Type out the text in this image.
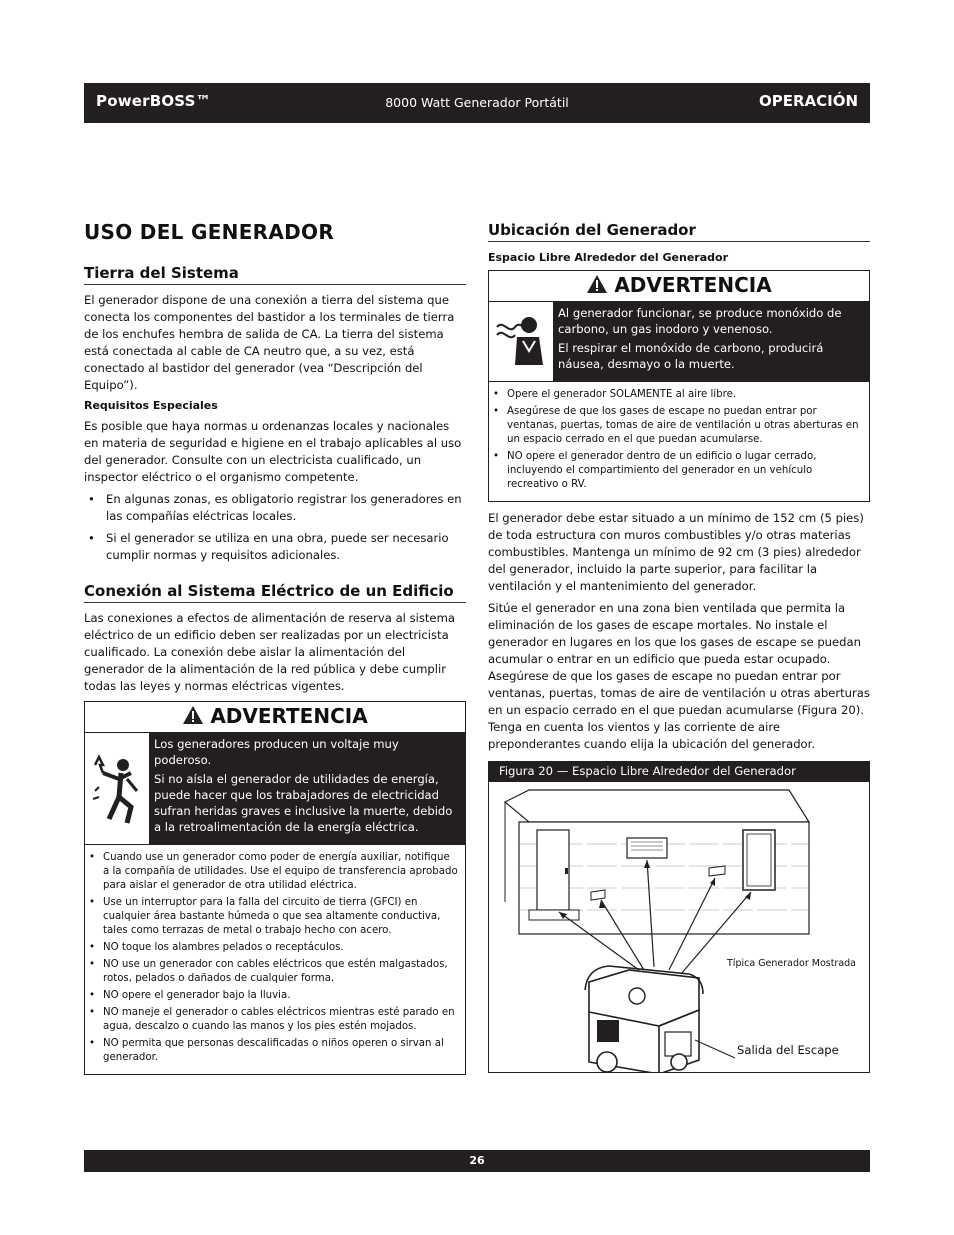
PowerBOSS™	8000 Watt Generador Portátil	OPERACIÓN
USO DEL GENERADOR
Tierra del Sistema

El generador dispone de una conexión a tierra del sistema que conecta los componentes del bastidor a los terminales de tierra de los enchufes hembra de salida de CA. La tierra del sistema está conectada al cable de CA neutro que, a su vez, está conectado al bastidor del generador (vea “Descripción del Equipo”).

Requisitos Especiales

Es posible que haya normas u ordenanzas locales y nacionales en materia de seguridad e higiene en el trabajo aplicables al uso del generador. Consulte con un electricista cualificado, un inspector eléctrico o el organismo competente.

• En algunas zonas, es obligatorio registrar los generadores en las compañías eléctricas locales.
• Si el generador se utiliza en una obra, puede ser necesario cumplir normas y requisitos adicionales.
Conexión al Sistema Eléctrico de un Edificio

Las conexiones a efectos de alimentación de reserva al sistema eléctrico de un edificio deben ser realizadas por un electricista cualificado. La conexión debe aislar la alimentación del generador de la alimentación de la red pública y debe cumplir todas las leyes y normas eléctricas vigentes.

ADVERTENCIA

Los generadores producen un voltaje muy poderoso.

Si no aísla el generador de utilidades de energía, puede hacer que los trabajadores de electricidad sufran heridas graves e inclusive la muerte, debido a la retroalimentación de la energía eléctrica.

• Cuando use un generador como poder de energía auxiliar, notifique a la compañía de utilidades. Use el equipo de transferencia aprobado para aislar el generador de otra utilidad eléctrica.
• Use un interruptor para la falla del circuito de tierra (GFCI) en cualquier área bastante húmeda o que sea altamente conductiva, tales como terrazas de metal o trabajo hecho con acero.
• NO toque los alambres pelados o receptáculos.
• NO use un generador con cables eléctricos que estén malgastados, rotos, pelados o dañados de cualquier forma.
• NO opere el generador bajo la lluvia.
• NO maneje el generador o cables eléctricos mientras esté parado en agua, descalzo o cuando las manos y los pies estén mojados.
• NO permita que personas descalificadas o niños operen o sirvan al generador.
Ubicación del Generador
Espacio Libre Alrededor del Generador
ADVERTENCIA

Al generador funcionar, se produce monóxido de carbono, un gas inodoro y venenoso.

El respirar el monóxido de carbono, producirá náusea, desmayo o la muerte.

• Opere el generador SOLAMENTE al aire libre.
• Asegúrese de que los gases de escape no puedan entrar por ventanas, puertas, tomas de aire de ventilación u otras aberturas en un espacio cerrado en el que puedan acumularse.
• NO opere el generador dentro de un edificio o lugar cerrado, incluyendo el compartimiento del generador en un vehículo recreativo o RV.

El generador debe estar situado a un mínimo de 152 cm (5 pies) de toda estructura con muros combustibles y/o otras materias combustibles. Mantenga un mínimo de 92 cm (3 pies) alrededor del generador, incluido la parte superior, para facilitar la ventilación y el mantenimiento del generador.

Sitúe el generador en una zona bien ventilada que permita la eliminación de los gases de escape mortales. No instale el generador en lugares en los que los gases de escape se puedan acumular o entrar en un edificio que pueda estar ocupado. Asegúrese de que los gases de escape no puedan entrar por ventanas, puertas, tomas de aire de ventilación u otras aberturas en un espacio cerrado en el que puedan acumularse (Figura 20). Tenga en cuenta los vientos y las corriente de aire preponderantes cuando elija la ubicación del generador.

Figura 20 — Espacio Libre Alrededor del Generador
Típica Generador Mostrada
Salida del Escape
26
